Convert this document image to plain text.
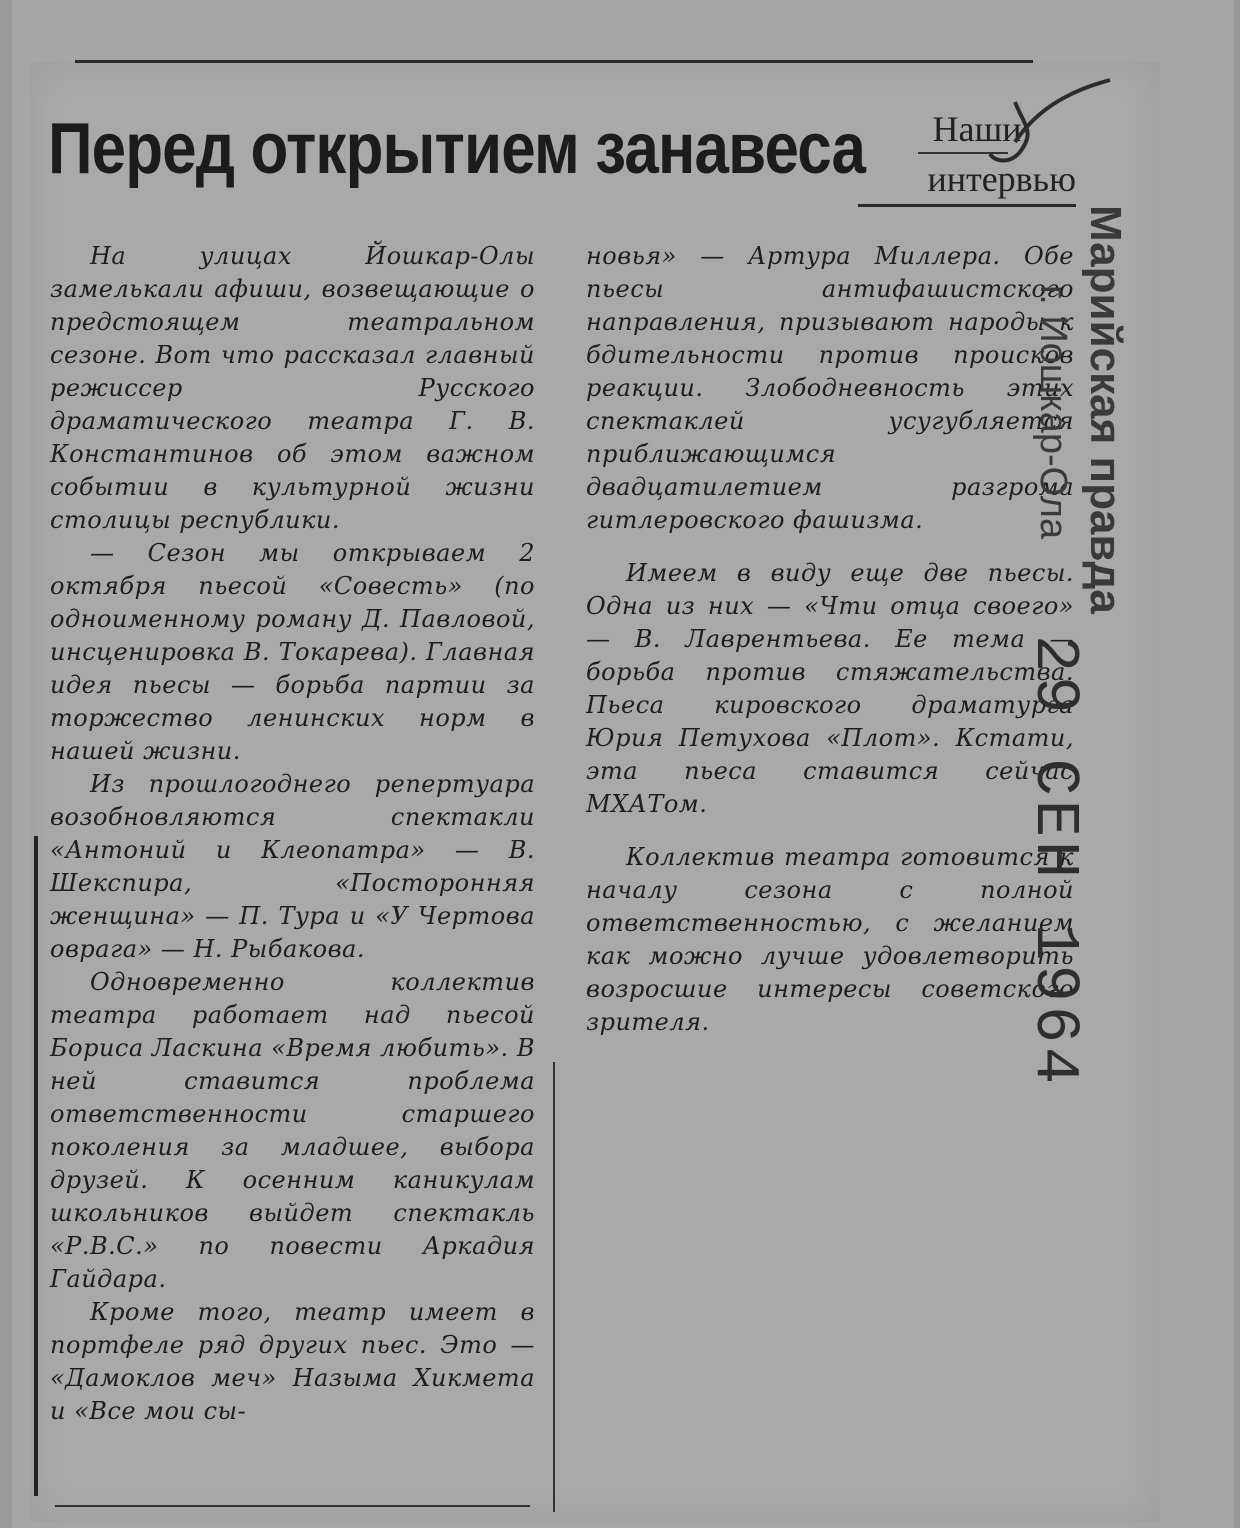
Перед открытием занавеса	Наши
интервью

На улицах Йошкар-Олы замелькали афиши, возвещающие о предстоящем театральном сезоне. Вот что рассказал главный режиссер Русского драматического театра Г. В. Константинов об этом важном событии в культурной жизни столицы республики.

— Сезон мы открываем 2 октября пьесой «Совесть» (по одноименному роману Д. Павловой, инсценировка В. Токарева). Главная идея пьесы — борьба партии за торжество ленинских норм в нашей жизни.

Из прошлогоднего репертуара возобновляются спектакли «Антоний и Клеопатра» — В. Шекспира, «Посторонняя женщина» — П. Тура и «У Чертова оврага» — Н. Рыбакова.

Одновременно коллектив театра работает над пьесой Бориса Ласкина «Время любить». В ней ставится проблема ответственности старшего поколения за младшее, выбора друзей. К осенним каникулам школьников выйдет спектакль «Р.В.С.» по повести Аркадия Гайдара.

Кроме того, театр имеет в портфеле ряд других пьес. Это — «Дамоклов меч» Назыма Хикмета и «Все мои сы-

новья» — Артура Миллера. Обе пьесы антифашистского направления, призывают народы к бдительности против происков реакции. Злободневность этих спектаклей усугубляется приближающимся двадцатилетием разгрома гитлеровского фашизма.

Имеем в виду еще две пьесы. Одна из них — «Чти отца своего» — В. Лаврентьева. Ее тема — борьба против стяжательства. Пьеса кировского драматурга Юрия Петухова «Плот». Кстати, эта пьеса ставится сейчас МХАТом.

Коллектив театра готовится к началу сезона с полной ответственностью, с желанием как можно лучше удовлетворить возросшие интересы советского зрителя.

Марийская правда
г. Иошкар-Ола
29 СЕН 1964
